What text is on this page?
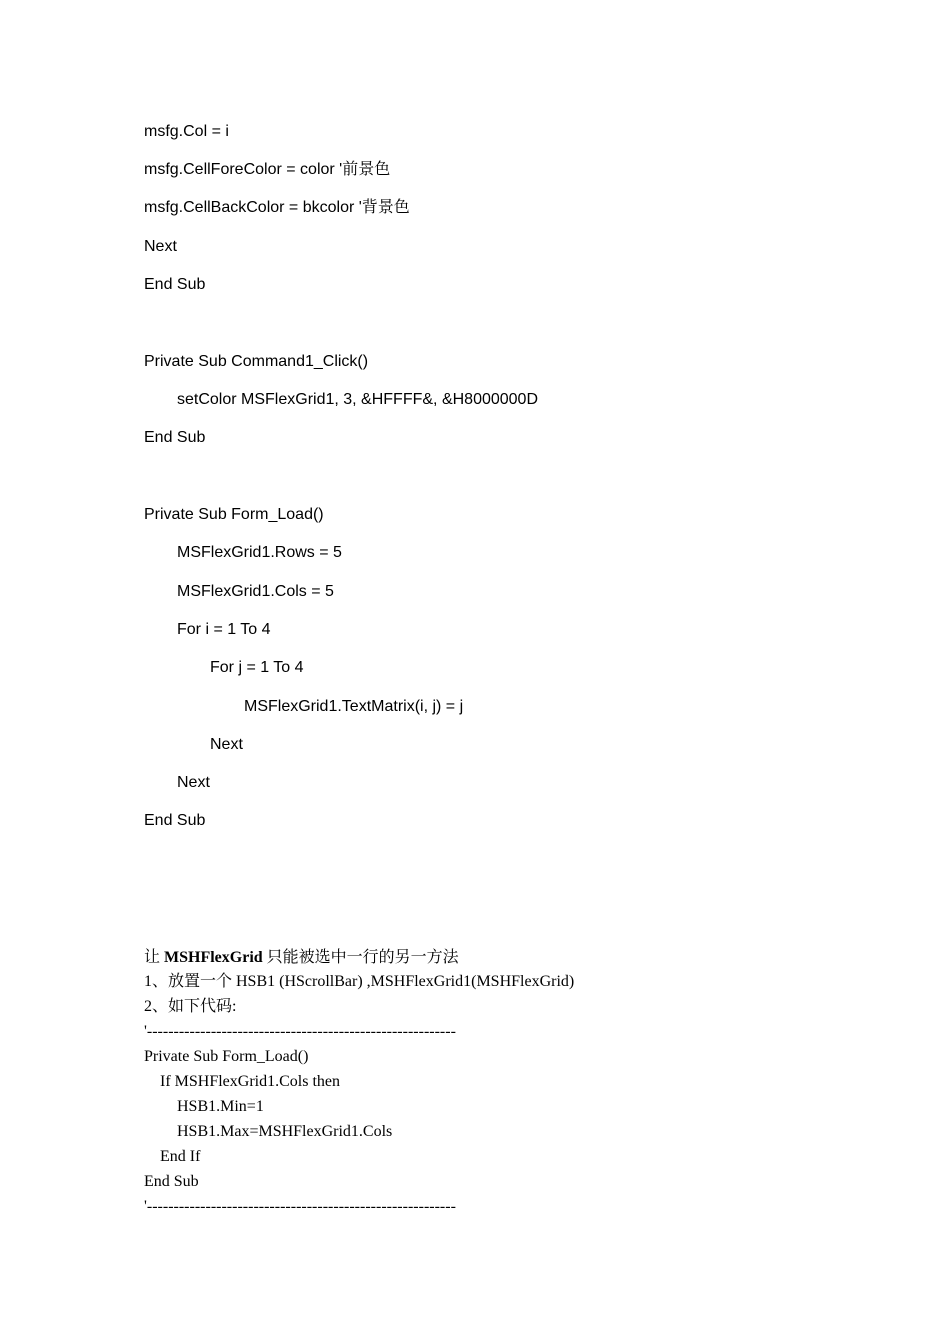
msfg.Col = i
msfg.CellForeColor = color '前景色
msfg.CellBackColor = bkcolor '背景色
Next
End Sub
Private Sub Command1_Click()
setColor MSFlexGrid1, 3, &HFFFF&, &H8000000D
End Sub
Private Sub Form_Load()
MSFlexGrid1.Rows = 5
MSFlexGrid1.Cols = 5
For i = 1 To 4
For j = 1 To 4
MSFlexGrid1.TextMatrix(i, j) = j
Next
Next
End Sub
让 MSHFlexGrid 只能被选中一行的另一方法
1、放置一个 HSB1 (HScrollBar) ,MSHFlexGrid1(MSHFlexGrid)
2、如下代码:
'----------------------------------------------------------
Private Sub Form_Load()
If MSHFlexGrid1.Cols then
HSB1.Min=1
HSB1.Max=MSHFlexGrid1.Cols
End If
End Sub
'----------------------------------------------------------
